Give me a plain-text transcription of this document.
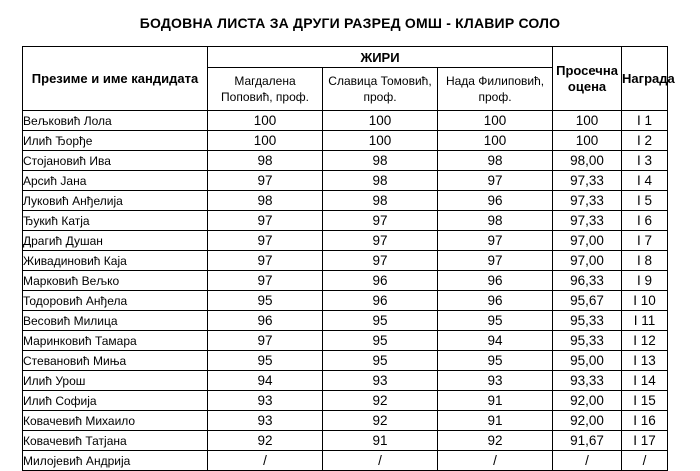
БОДОВНА ЛИСТА ЗА ДРУГИ РАЗРЕД ОМШ - КЛАВИР СОЛО
Презиме и име кандидата	ЖИРИ			Просечна оцена	Награда
	Магдалена Поповић, проф.	Славица Томовић, проф.	Нада Филиповић, проф.		
Вељковић Лола	100	100	100	100	I 1
Илић Ђорђе	100	100	100	100	I 2
Стојановић Ива	98	98	98	98,00	I 3
Арсић Јана	97	98	97	97,33	I 4
Луковић Анђелија	98	98	96	97,33	I 5
Ђукић Катја	97	97	98	97,33	I 6
Драгић Душан	97	97	97	97,00	I 7
Живадиновић Каја	97	97	97	97,00	I 8
Марковић Вељко	97	96	96	96,33	I 9
Тодоровић Анђела	95	96	96	95,67	I 10
Весовић Милица	96	95	95	95,33	I 11
Маринковић Тамара	97	95	94	95,33	I 12
Стевановић Миња	95	95	95	95,00	I 13
Илић Урош	94	93	93	93,33	I 14
Илић Софија	93	92	91	92,00	I 15
Ковачевић Михаило	93	92	91	92,00	I 16
Ковачевић Татјана	92	91	92	91,67	I 17
Милојевић Андрија	/	/	/	/	/
